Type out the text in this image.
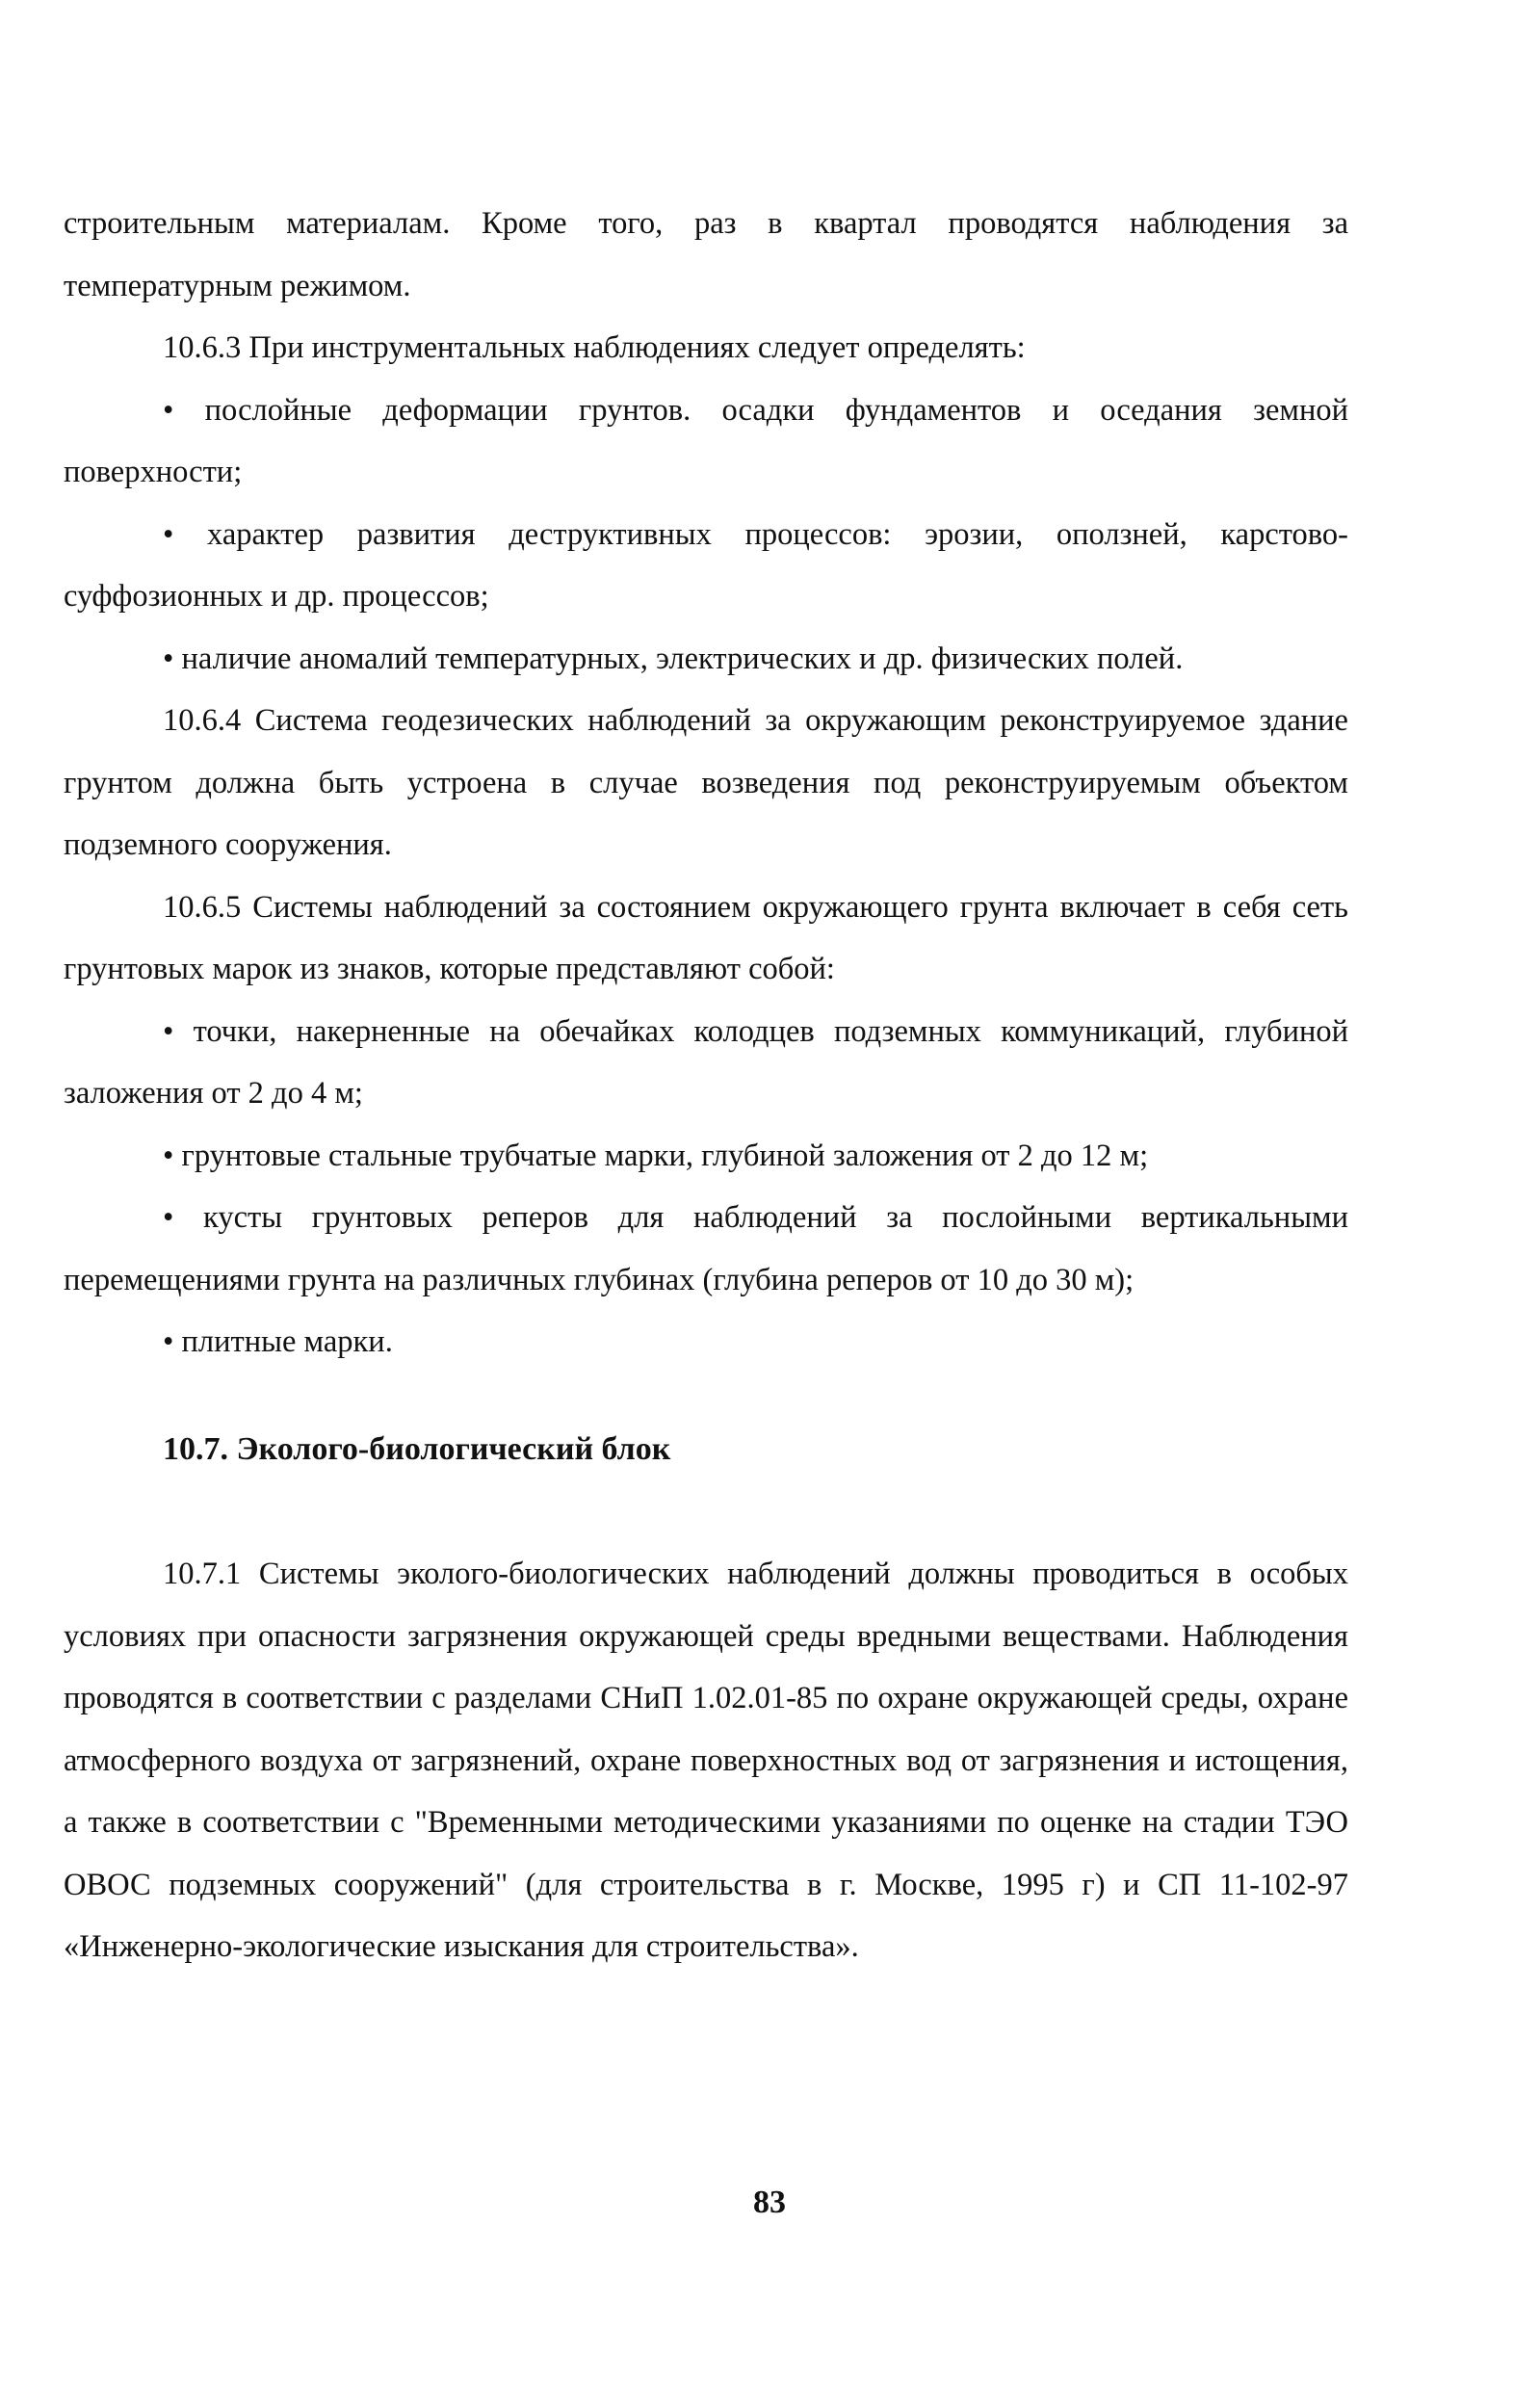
строительным материалам. Кроме того, раз в квартал проводятся наблюдения за температурным режимом.

10.6.3 При инструментальных наблюдениях следует определять:

• послойные деформации грунтов. осадки фундаментов и оседания земной поверхности;

• характер развития деструктивных процессов: эрозии, оползней, карстово-суффозионных и др. процессов;

• наличие аномалий температурных, электрических и др. физических полей.

10.6.4 Система геодезических наблюдений за окружающим реконструируемое здание грунтом должна быть устроена в случае возведения под реконструируемым объектом подземного сооружения.

10.6.5 Системы наблюдений за состоянием окружающего грунта включает в себя сеть грунтовых марок из знаков, которые представляют собой:

• точки, накерненные на обечайках колодцев подземных коммуникаций, глубиной заложения от 2 до 4 м;

• грунтовые стальные трубчатые марки, глубиной заложения от 2 до 12 м;

• кусты грунтовых реперов для наблюдений за послойными вертикальными перемещениями грунта на различных глубинах (глубина реперов от 10 до 30 м);

• плитные марки.

10.7. Эколого-биологический блок

10.7.1 Системы эколого-биологических наблюдений должны проводиться в особых условиях при опасности загрязнения окружающей среды вредными веществами. Наблюдения проводятся в соответствии с разделами СНиП 1.02.01-85 по охране окружающей среды, охране атмосферного воздуха от загрязнений, охране поверхностных вод от загрязнения и истощения, а также в соответствии с "Временными методическими указаниями по оценке на стадии ТЭО ОВОС подземных сооружений" (для строительства в г. Москве, 1995 г) и СП 11-102-97 «Инженерно-экологические изыскания для строительства».

83
